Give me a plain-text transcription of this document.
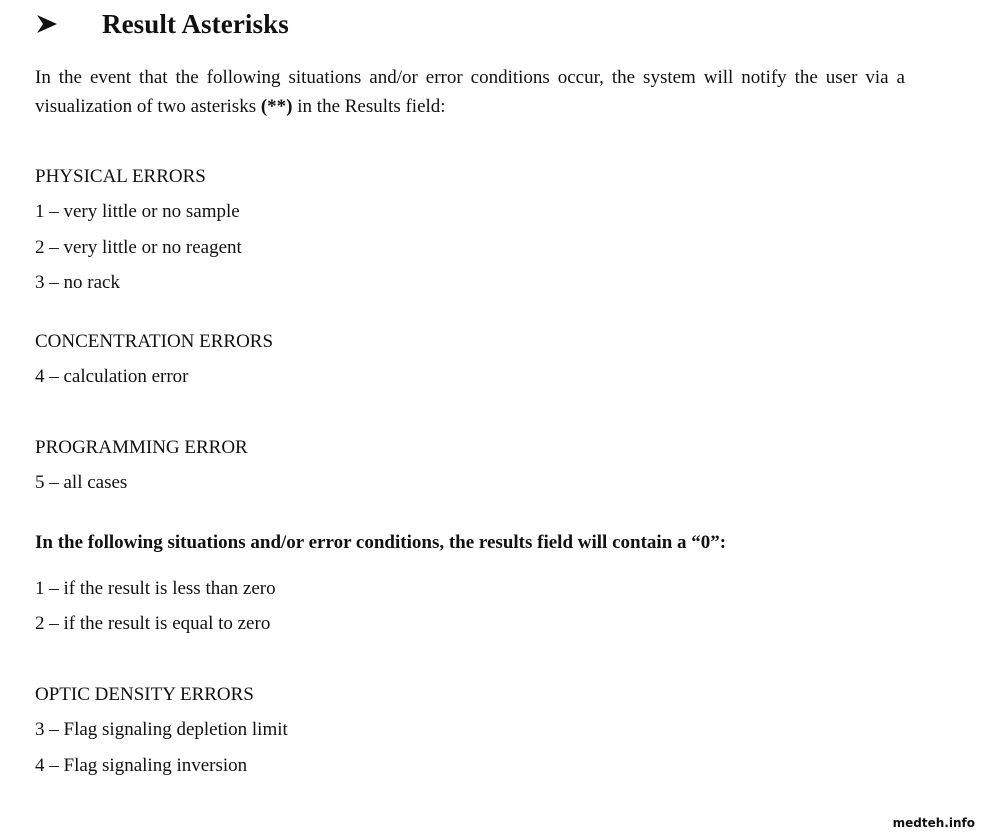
Result Asterisks

In the event that the following situations and/or error conditions occur, the system will notify the user via a visualization of two asterisks (**) in the Results field:

PHYSICAL ERRORS

1 – very little or no sample

2 – very little or no reagent

3 – no rack

CONCENTRATION ERRORS

4 – calculation error

PROGRAMMING ERROR

5 – all cases

In the following situations and/or error conditions, the results field will contain a “0”:

1 – if the result is less than zero

2 – if the result is equal to zero

OPTIC DENSITY ERRORS

3 – Flag signaling depletion limit

4 – Flag signaling inversion

medteh.info
